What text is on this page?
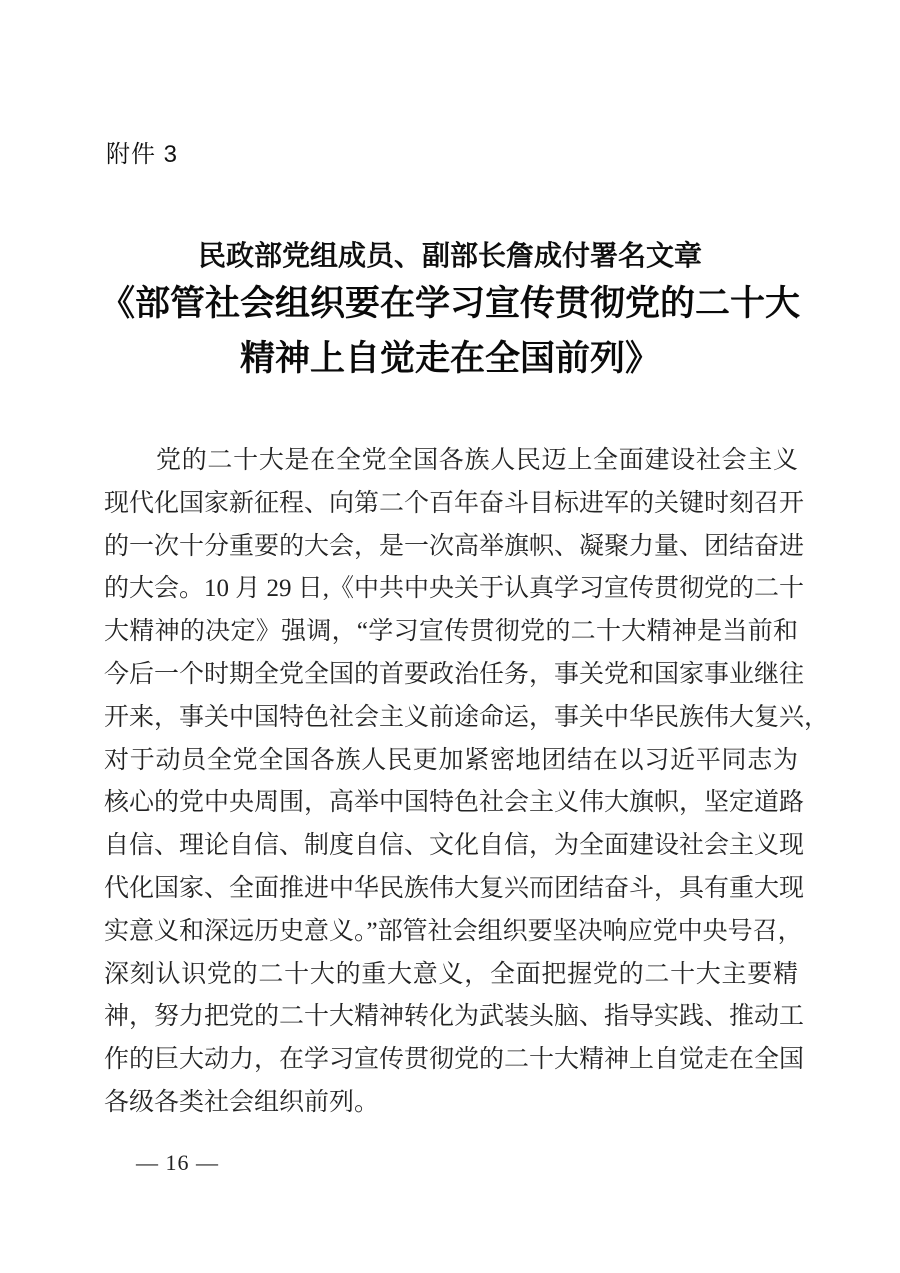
附件 3
民政部党组成员、副部长詹成付署名文章
《部管社会组织要在学习宣传贯彻党的二十大
精神上自觉走在全国前列》
党的二十大是在全党全国各族人民迈上全面建设社会主义
现代化国家新征程、向第二个百年奋斗目标进军的关键时刻召开
的一次十分重要的大会，是一次高举旗帜、凝聚力量、团结奋进
的大会。10 月 29 日,《中共中央关于认真学习宣传贯彻党的二十
大精神的决定》强调，“学习宣传贯彻党的二十大精神是当前和
今后一个时期全党全国的首要政治任务，事关党和国家事业继往
开来，事关中国特色社会主义前途命运，事关中华民族伟大复兴，
对于动员全党全国各族人民更加紧密地团结在以习近平同志为
核心的党中央周围，高举中国特色社会主义伟大旗帜，坚定道路
自信、理论自信、制度自信、文化自信，为全面建设社会主义现
代化国家、全面推进中华民族伟大复兴而团结奋斗，具有重大现
实意义和深远历史意义。”部管社会组织要坚决响应党中央号召，
深刻认识党的二十大的重大意义，全面把握党的二十大主要精
神，努力把党的二十大精神转化为武装头脑、指导实践、推动工
作的巨大动力，在学习宣传贯彻党的二十大精神上自觉走在全国
各级各类社会组织前列。
— 16 —
